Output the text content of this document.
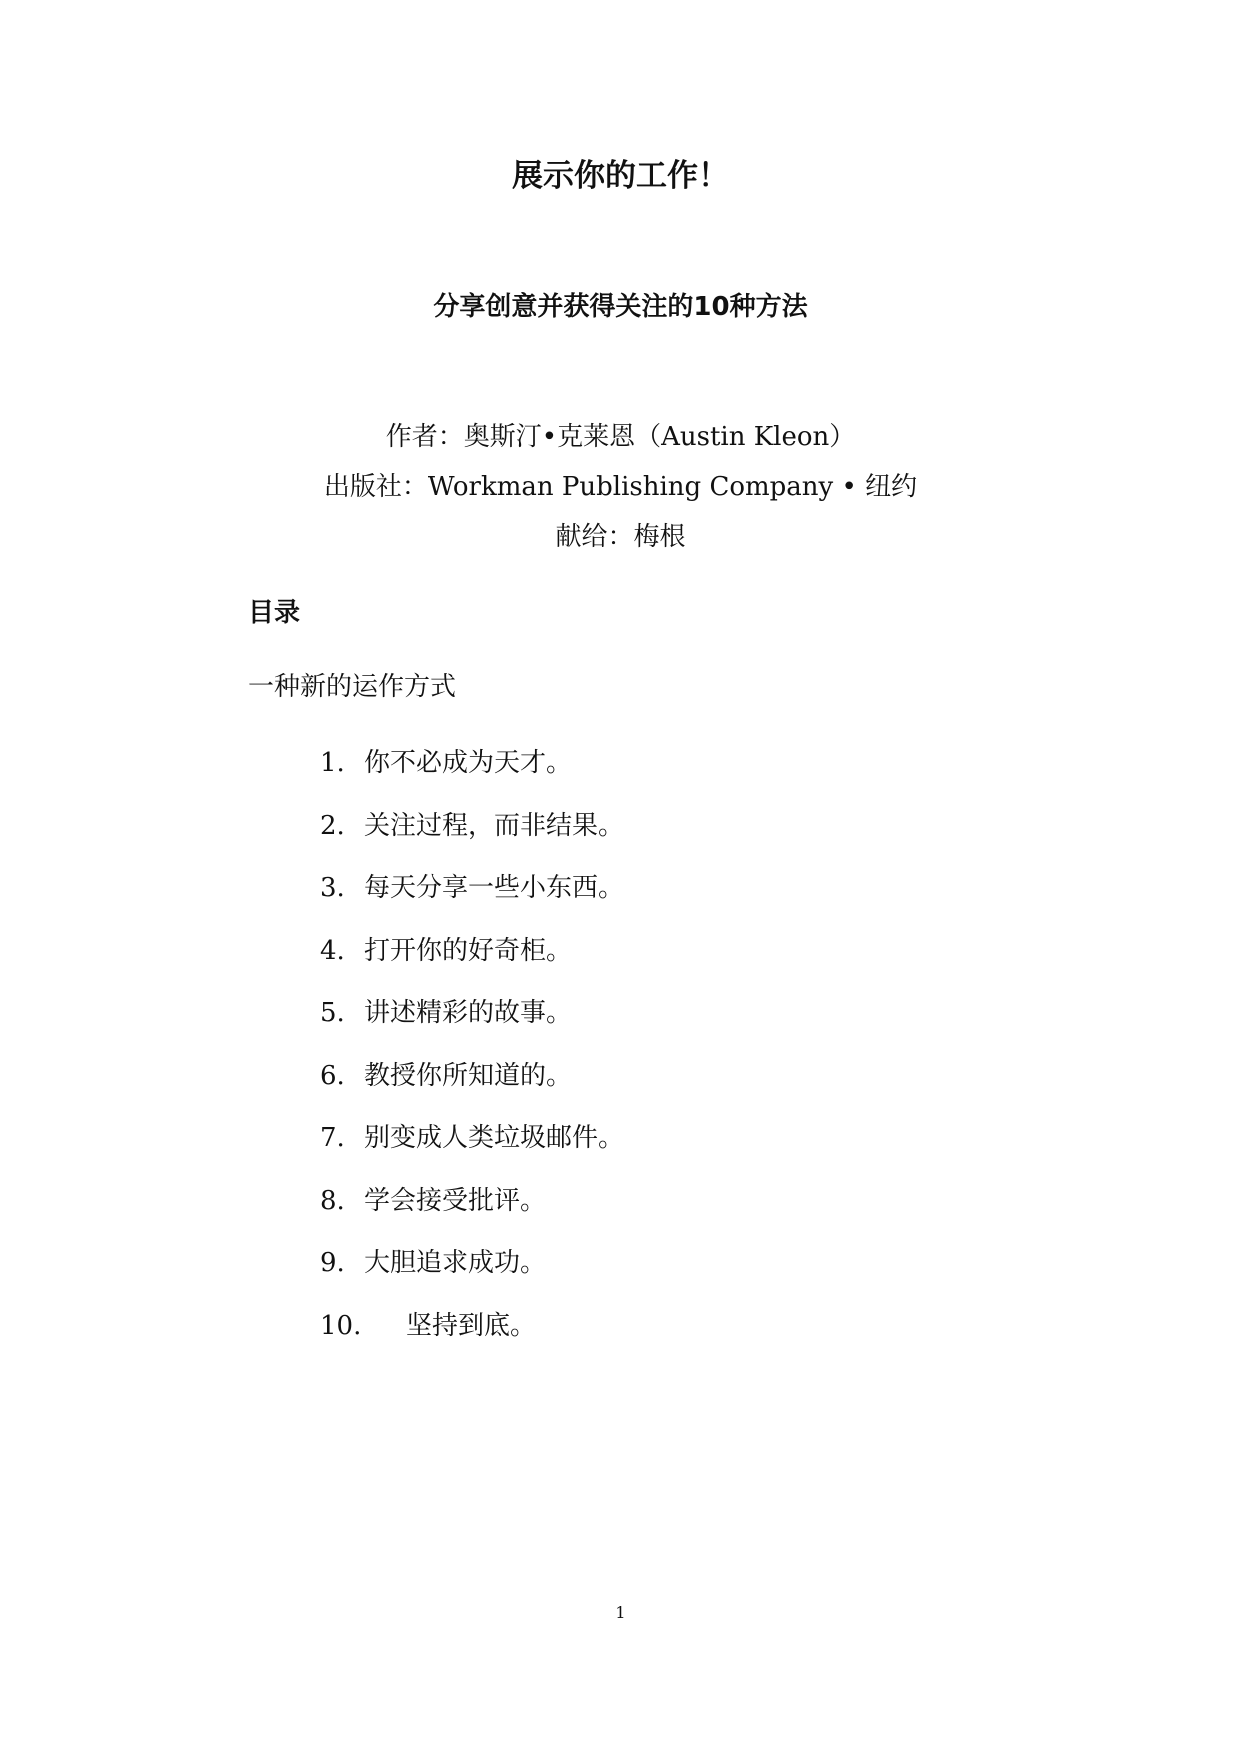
展示你的工作！
分享创意并获得关注的10种方法
作者：奥斯汀•克莱恩（Austin Kleon）
出版社：Workman Publishing Company • 纽约
献给：梅根
目录
一种新的运作方式
1. 你不必成为天才。
2. 关注过程，而非结果。
3. 每天分享一些小东西。
4. 打开你的好奇柜。
5. 讲述精彩的故事。
6. 教授你所知道的。
7. 别变成人类垃圾邮件。
8. 学会接受批评。
9. 大胆追求成功。
10.	坚持到底。
1
